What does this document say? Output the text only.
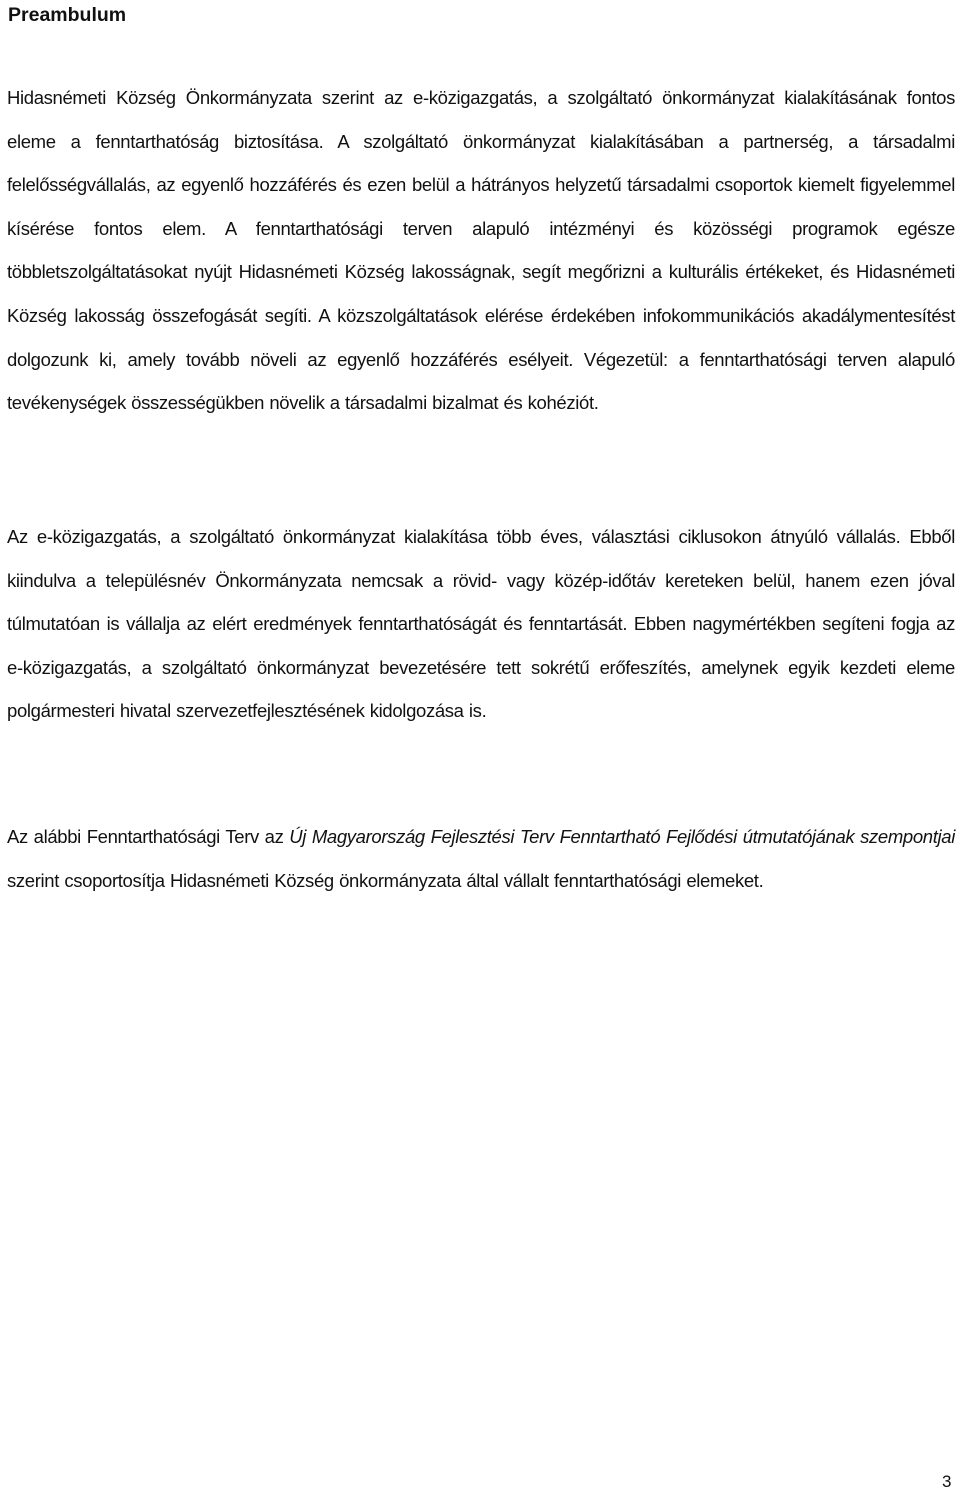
Preambulum

Hidasnémeti Község Önkormányzata szerint az e-közigazgatás, a szolgáltató önkormányzat kialakításának fontos eleme a fenntarthatóság biztosítása. A szolgáltató önkormányzat kialakításában a partnerség, a társadalmi felelősségvállalás, az egyenlő hozzáférés és ezen belül a hátrányos helyzetű társadalmi csoportok kiemelt figyelemmel kísérése fontos elem. A fenntarthatósági terven alapuló intézményi és közösségi programok egésze többletszolgáltatásokat nyújt Hidasnémeti Község lakosságnak, segít megőrizni a kulturális értékeket, és Hidasnémeti Község lakosság összefogását segíti. A közszolgáltatások elérése érdekében infokommunikációs akadálymentesítést dolgozunk ki, amely tovább növeli az egyenlő hozzáférés esélyeit. Végezetül: a fenntarthatósági terven alapuló tevékenységek összességükben növelik a társadalmi bizalmat és kohéziót.

Az e-közigazgatás, a szolgáltató önkormányzat kialakítása több éves, választási ciklusokon átnyúló vállalás. Ebből kiindulva a településnév Önkormányzata nemcsak a rövid- vagy közép-időtáv kereteken belül, hanem ezen jóval túlmutatóan is vállalja az elért eredmények fenntarthatóságát és fenntartását. Ebben nagymértékben segíteni fogja az e-közigazgatás, a szolgáltató önkormányzat bevezetésére tett sokrétű erőfeszítés, amelynek egyik kezdeti eleme polgármesteri hivatal szervezetfejlesztésének kidolgozása is.

Az alábbi Fenntarthatósági Terv az Új Magyarország Fejlesztési Terv Fenntartható Fejlődési útmutatójának szempontjai szerint csoportosítja Hidasnémeti Község önkormányzata által vállalt fenntarthatósági elemeket.

3
